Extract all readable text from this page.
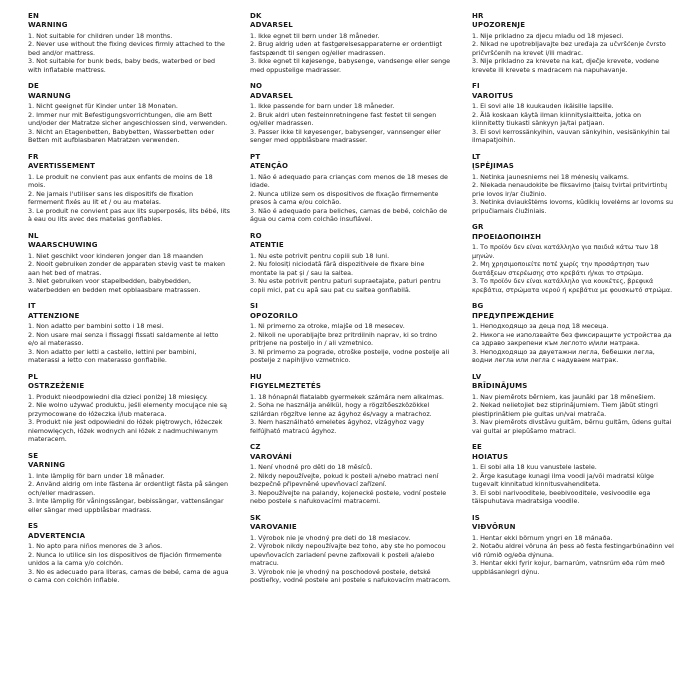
EN
WARNING
1. Not suitable for children under 18 months.
2. Never use without the fixing devices firmly attached to the bed and/or mattress.
3. Not suitable for bunk beds, baby beds, waterbed or bed with inflatable mattress.
DE
WARNUNG
1. Nicht geeignet für Kinder unter 18 Monaten.
2. Immer nur mit Befestigungsvorrichtungen, die am Bett und/oder der Matratze sicher angeschlossen sind, verwenden.
3. Nicht an Etagenbetten, Babybetten, Wasserbetten oder Betten mit aufblasbaren Matratzen verwenden.
FR
AVERTISSEMENT
1. Le produit ne convient pas aux enfants de moins de 18 mois.
2. Ne jamais l'utiliser sans les dispositifs de fixation fermement fixés au lit et / ou au matelas.
3. Le produit ne convient pas aux lits superposés, lits bébé, lits à eau ou lits avec des matelas gonflables.
NL
WAARSCHUWING
1. Niet geschikt voor kinderen jonger dan 18 maanden
2. Nooit gebruiken zonder de apparaten stevig vast te maken aan het bed of matras.
3. Niet gebruiken voor stapelbedden, babybedden, waterbedden en bedden met opblaasbare matrassen.
IT
ATTENZIONE
1. Non adatto per bambini sotto i 18 mesi.
2. Non usare mai senza i fissaggi fissati saldamente al letto e/o al materasso.
3. Non adatto per letti a castello, lettini per bambini, materassi a letto con materasso gonfiabile.
PL
OSTRZEŻENIE
1. Produkt nieodpowiedni dla dzieci poniżej 18 miesięcy.
2. Nie wolno używać produktu, jeśli elementy mocujące nie są przymocowane do łóżeczka i/lub materaca.
3. Produkt nie jest odpowiedni do łóżek piętrowych, łóżeczek niemowlęcych, łóżek wodnych ani łóżek z nadmuchiwanym materacem.
SE
VARNING
1. Inte lämplig för barn under 18 månader.
2. Använd aldrig om inte fästena är ordentligt fästa på sängen och/eller madrassen.
3. Inte lämplig för våningssängar, bebissängar, vattensängar eller sängar med uppblåsbar madrass.
ES
ADVERTENCIA
1. No apto para niños menores de 3 años.
2. Nunca lo utilice sin los dispositivos de fijación firmemente unidos a la cama y/o colchón.
3. No es adecuado para literas, camas de bebé, cama de agua o cama con colchón inflable.
DK
ADVARSEL
1. Ikke egnet til børn under 18 måneder.
2. Brug aldrig uden at fastgørelsesapparaterne er ordentligt fastspændt til sengen og/eller madrassen.
3. Ikke egnet til køjesenge, babysenge, vandsenge eller senge med oppustelige madrasser.
NO
ADVARSEL
1. Ikke passende for barn under 18 måneder.
2. Bruk aldri uten festeinnretningene fast festet til sengen og/eller madrassen.
3. Passer ikke til køyesenger, babysenger, vannsenger eller senger med oppblåsbare madrasser.
PT
ATENÇÃO
1. Não é adequado para crianças com menos de 18 meses de idade.
2. Nunca utilize sem os dispositivos de fixação firmemente presos à cama e/ou colchão.
3. Não é adequado para beliches, camas de bebé, colchão de água ou cama com colchão insuflável.
RO
ATENTIE
1. Nu este potrivit pentru copiii sub 18 luni.
2. Nu folosiți niciodată fără dispozitivele de fixare bine montate la pat și / sau la saltea.
3. Nu este potrivit pentru paturi supraetajate, paturi pentru copii mici, pat cu apă sau pat cu saltea gonflabilă.
SI
OPOZORILO
1. Ni primerno za otroke, mlajše od 18 mesecev.
2. Nikoli ne uporabljajte brez pritrdilnih naprav, ki so trdno pritrjene na posteljo in / ali vzmetnico.
3. Ni primerno za pograde, otroške postelje, vodne postelje ali postelje z napihljivo vzmetnico.
HU
FIGYELMEZTETÉS
1. 18 hónapnál fiatalabb gyermekek számára nem alkalmas.
2. Soha ne használja anélkül, hogy a rögzítőeszközökkel szilárdan rögzítve lenne az ágyhoz és/vagy a matrachoz.
3. Nem használható emeletes ágyhoz, vízágyhoz vagy felfújható matracú ágyhoz.
CZ
VAROVÁNÍ
1. Není vhodné pro děti do 18 měsíců.
2. Nikdy nepoužívejte, pokud k posteli a/nebo matraci není bezpečně připevněné upevňovací zařízení.
3. Nepoužívejte na palandy, kojenecké postele, vodní postele nebo postele s nafukovacími matracemi.
SK
VAROVANIE
1. Výrobok nie je vhodný pre deti do 18 mesiacov.
2. Výrobok nikdy nepoužívajte bez toho, aby ste ho pomocou upevňovacích zariadení pevne zafixovali k posteli a/alebo matracu.
3. Výrobok nie je vhodný na poschodové postele, detské postieľky, vodné postele ani postele s nafukovacím matracom.
HR
UPOZORENJE
1. Nije prikladno za djecu mlađu od 18 mjeseci.
2. Nikad ne upotrebljavajte bez uređaja za učvršćenje čvrsto pričvršćenih na krevet i/ili madrac.
3. Nije prikladno za krevete na kat, dječje krevete, vodene krevete ili krevete s madracem na napuhavanje.
FI
VAROITUS
1. Ei sovi alle 18 kuukauden ikäisille lapsille.
2. Älä koskaan käytä ilman kiinnityslaitteita, jotka on kiinnitetty tiukasti sänkyyn ja/tai patjaan.
3. Ei sovi kerrossänkyihin, vauvan sänkyihin, vesisänkyihin tai ilmapatjoihin.
LT
ĮSPĖJIMAS
1. Netinka jaunesniems nei 18 mėnesių vaikams.
2. Niekada nenaudokite be fiksavimo įtaisų tvirtai pritvirtintų prie lovos ir/ar čiužinio.
3. Netinka dviaukštėms lovoms, kūdikių lovelėms ar lovoms su pripučiamais čiužiniais.
GR
ΠΡΟΕΙΔΟΠΟΙΗΣΗ
1. Το προϊόν δεν είναι κατάλληλο για παιδιά κάτω των 18 μηνών.
2. Μη χρησιμοποιείτε ποτέ χωρίς την προσάρτηση των διατάξεων στερέωσης στο κρεβάτι ή/και το στρώμα.
3. Το προϊόν δεν είναι κατάλληλο για κουκέτες, βρεφικά κρεβάτια, στρώματα νερού ή κρεβάτια με φουσκωτό στρώμα.
BG
ПРЕДУПРЕЖДЕНИЕ
1. Неподходящо за деца под 18 месеца.
2. Никога не използвайте без фиксиращите устройства да са здраво закрепени към леглото и/или матрака.
3. Неподходящо за двуетажни легла, бебешки легла, водни легла или легла с надуваем матрак.
LV
BRĪDINĀJUMS
1. Nav piemērots bērniem, kas jaunāki par 18 mēnešiem.
2. Nekad nelietojiet bez stiprinājumiem. Tiem jābūt stingri piestiprinātiem pie gultas un/vai matrača.
3. Nav piemērots divstāvu gultām, bērnu gultām, ūdens gultai vai gultai ar piepūšamo matraci.
EE
HOIATUS
1. Ei sobi alla 18 kuu vanustele lastele.
2. Ärge kasutage kunagi ilma voodi ja/või madratsi külge tugevalt kinnitatud kinnitusvahenditeta.
3. Ei sobi narivooditele, beebivooditele, vesivoodile ega täispuhutava madratsiga voodile.
IS
VIÐVÖRUN
1. Hentar ekki börnum yngri en 18 mánaða.
2. Notaðu aldrei vöruna án þess að festa festingarbúnaðinn vel við rúmið og/eða dýnuna.
3. Hentar ekki fyrir kojur, barnarúm, vatnsrúm eða rúm með uppblásanlegri dýnu.
